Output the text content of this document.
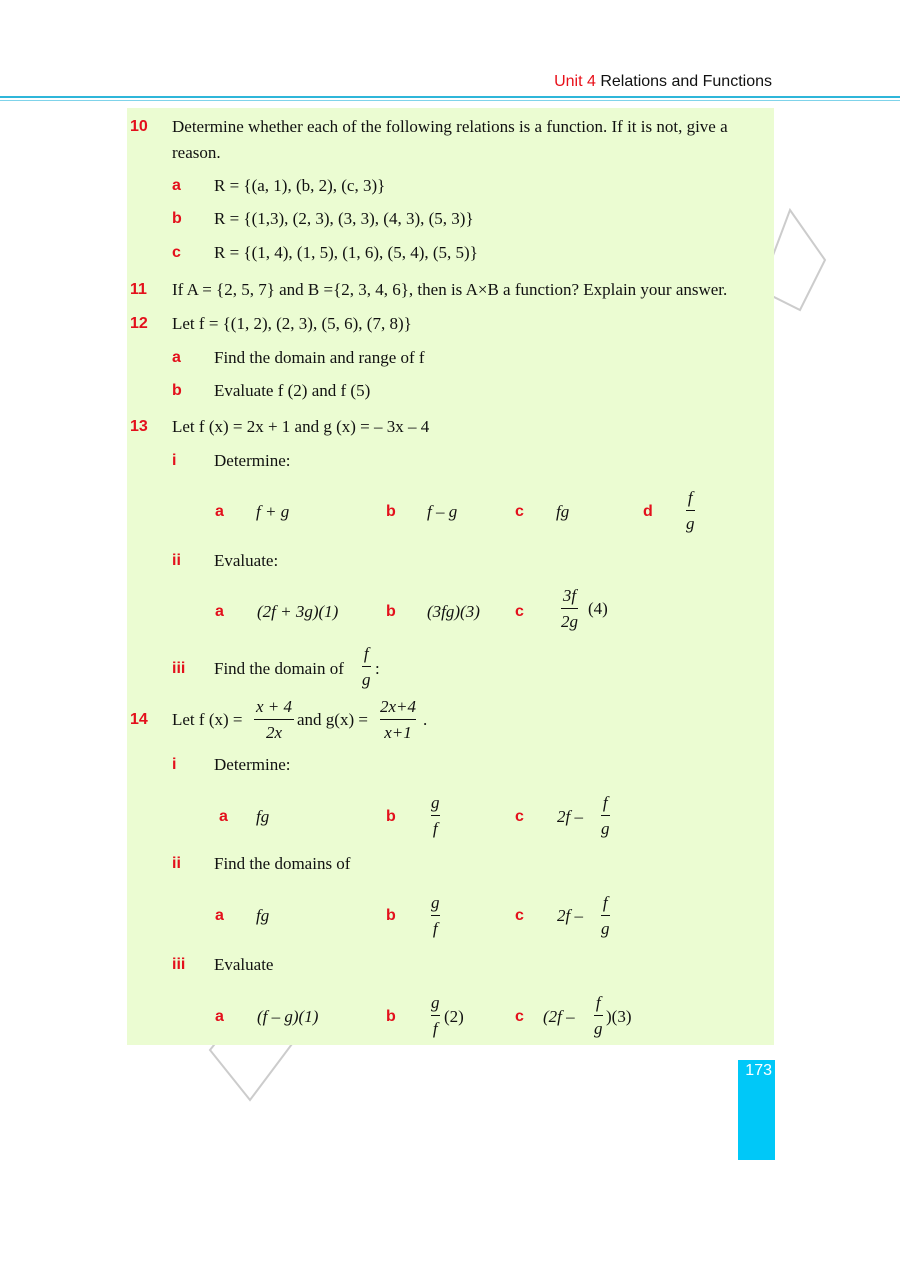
Unit 4 Relations and Functions
10 Determine whether each of the following relations is a function. If it is not, give a
reason.
a R = {(a, 1), (b, 2), (c, 3)}
b R = {(1,3), (2, 3), (3, 3), (4, 3), (5, 3)}
c R = {(1, 4), (1, 5), (1, 6), (5, 4), (5, 5)}
11 If A = {2, 5, 7} and B ={2, 3, 4, 6}, then is A×B a function? Explain your answer.
12 Let f = {(1, 2), (2, 3), (5, 6), (7, 8)}
a Find the domain and range of f
b Evaluate f (2) and f (5)
13 Let f (x) = 2x + 1 and g (x) = – 3x – 4
i Determine:
a f + g	b f – g	c fg	d
f
g
ii Evaluate:
a (2f + 3g)(1)	b (3fg)(3) c
3f
2g
(4)
iii Find the domain of
f
g
:
14 Let f (x) =
x + 4
2x
and g(x) =
2x+4
x+1
.
i Determine:
a fg	b
g
f
c 2f –
f
g
ii Find the domains of
a fg	b
g
f
c 2f –
f
g
iii Evaluate
a (f – g)(1)	b
g
f
(2)	c (2f –
f
g
)(3)
173
